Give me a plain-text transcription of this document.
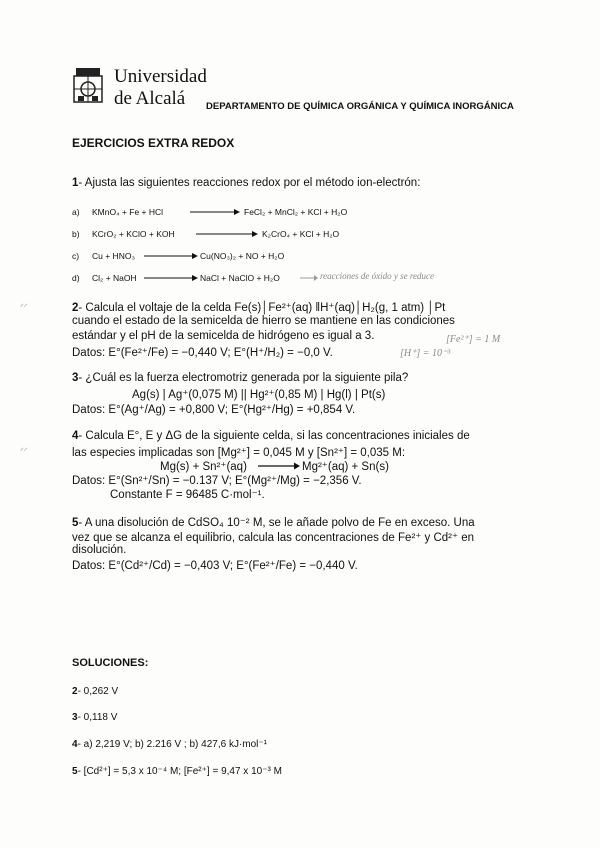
Universidad
de Alcalá DEPARTAMENTO DE QUÍMICA ORGÁNICA Y QUÍMICA INORGÁNICA
EJERCICIOS EXTRA REDOX
1- Ajusta las siguientes reacciones redox por el método ion-electrón:
a) KMnO₄ + Fe + HCl	FeCl₂ + MnCl₂ + KCl + H₂O
b) KCrO₂ + KClO + KOH	K₂CrO₄ + KCl + H₂O
c) Cu + HNO₃	Cu(NO₃)₂ + NO + H₂O
d) Cl₂ + NaOH	NaCl + NaClO + H₂O	reacciones de óxido y se reduce
ᐟᐟ
ᐟᐟ
2- Calcula el voltaje de la celda Fe(s)│Fe²⁺(aq) ‖H⁺(aq)│H₂(g, 1 atm) │Pt
cuando el estado de la semicelda de hierro se mantiene en las condiciones
estándar y el pH de la semicelda de hidrógeno es igual a 3.
Datos: E°(Fe²⁺/Fe) = −0,440 V; E°(H⁺/H₂) = −0,0 V.
[Fe²⁺] = 1 M
[H⁺] = 10⁻³
3- ¿Cuál es la fuerza electromotriz generada por la siguiente pila?
Ag(s) | Ag⁺(0,075 M) || Hg²⁺(0,85 M) | Hg(l) | Pt(s)
Datos: E°(Ag⁺/Ag) = +0,800 V; E°(Hg²⁺/Hg) = +0,854 V.
4- Calcula E°, E y ΔG de la siguiente celda, si las concentraciones iniciales de
las especies implicadas son [Mg²⁺] = 0,045 M y [Sn²⁺] = 0,035 M:
Mg(s) + Sn²⁺(aq)	Mg²⁺(aq) + Sn(s)
Datos: E°(Sn²⁺/Sn) = −0.137 V; E°(Mg²⁺/Mg) = −2,356 V.
Constante F = 96485 C·mol⁻¹.
5- A una disolución de CdSO₄ 10⁻² M, se le añade polvo de Fe en exceso. Una
vez que se alcanza el equilibrio, calcula las concentraciones de Fe²⁺ y Cd²⁺ en
disolución.
Datos: E°(Cd²⁺/Cd) = −0,403 V; E°(Fe²⁺/Fe) = −0,440 V.
SOLUCIONES:
2- 0,262 V
3- 0,118 V
4- a) 2,219 V; b) 2.216 V ; b) 427,6 kJ·mol⁻¹
5- [Cd²⁺] = 5,3 x 10⁻⁴ M; [Fe²⁺] = 9,47 x 10⁻³ M
